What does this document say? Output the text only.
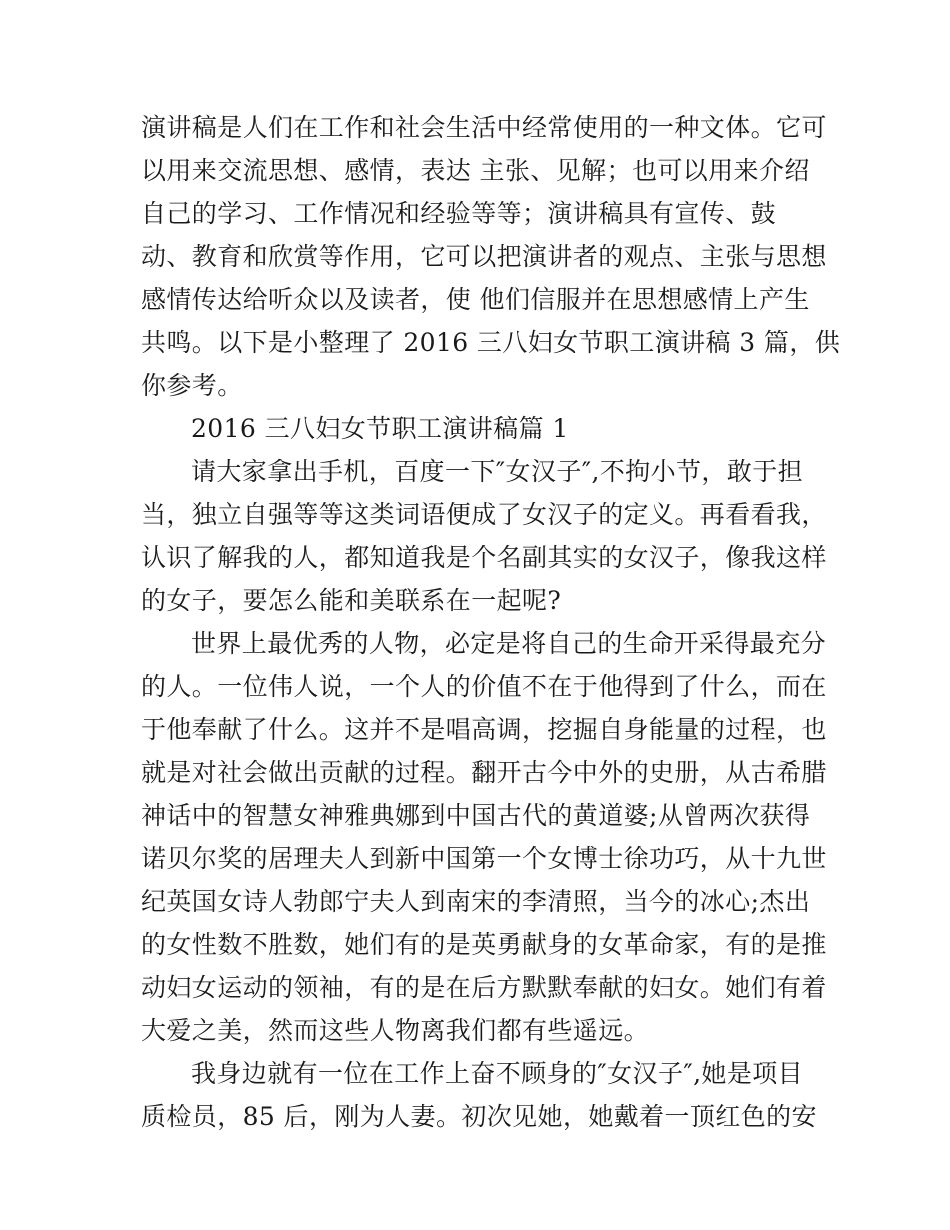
演讲稿是人们在工作和社会生活中经常使用的一种文体。它可
以用来交流思想、感情，表达 主张、见解；也可以用来介绍
自己的学习、工作情况和经验等等；演讲稿具有宣传、鼓
动、教育和欣赏等作用，它可以把演讲者的观点、主张与思想
感情传达给听众以及读者，使 他们信服并在思想感情上产生
共鸣。以下是小整理了 2016 三八妇女节职工演讲稿 3 篇，供
你参考。
2016 三八妇女节职工演讲稿篇 1
请大家拿出手机，百度一下″女汉子″,不拘小节，敢于担
当，独立自强等等这类词语便成了女汉子的定义。再看看我，
认识了解我的人，都知道我是个名副其实的女汉子，像我这样
的女子，要怎么能和美联系在一起呢?
世界上最优秀的人物，必定是将自己的生命开采得最充分
的人。一位伟人说，一个人的价值不在于他得到了什么，而在
于他奉献了什么。这并不是唱高调，挖掘自身能量的过程，也
就是对社会做出贡献的过程。翻开古今中外的史册，从古希腊
神话中的智慧女神雅典娜到中国古代的黄道婆;从曾两次获得
诺贝尔奖的居理夫人到新中国第一个女博士徐功巧，从十九世
纪英国女诗人勃郎宁夫人到南宋的李清照，当今的冰心;杰出
的女性数不胜数，她们有的是英勇献身的女革命家，有的是推
动妇女运动的领袖，有的是在后方默默奉献的妇女。她们有着
大爱之美，然而这些人物离我们都有些遥远。
我身边就有一位在工作上奋不顾身的″女汉子″,她是项目
质检员，85 后，刚为人妻。初次见她，她戴着一顶红色的安
